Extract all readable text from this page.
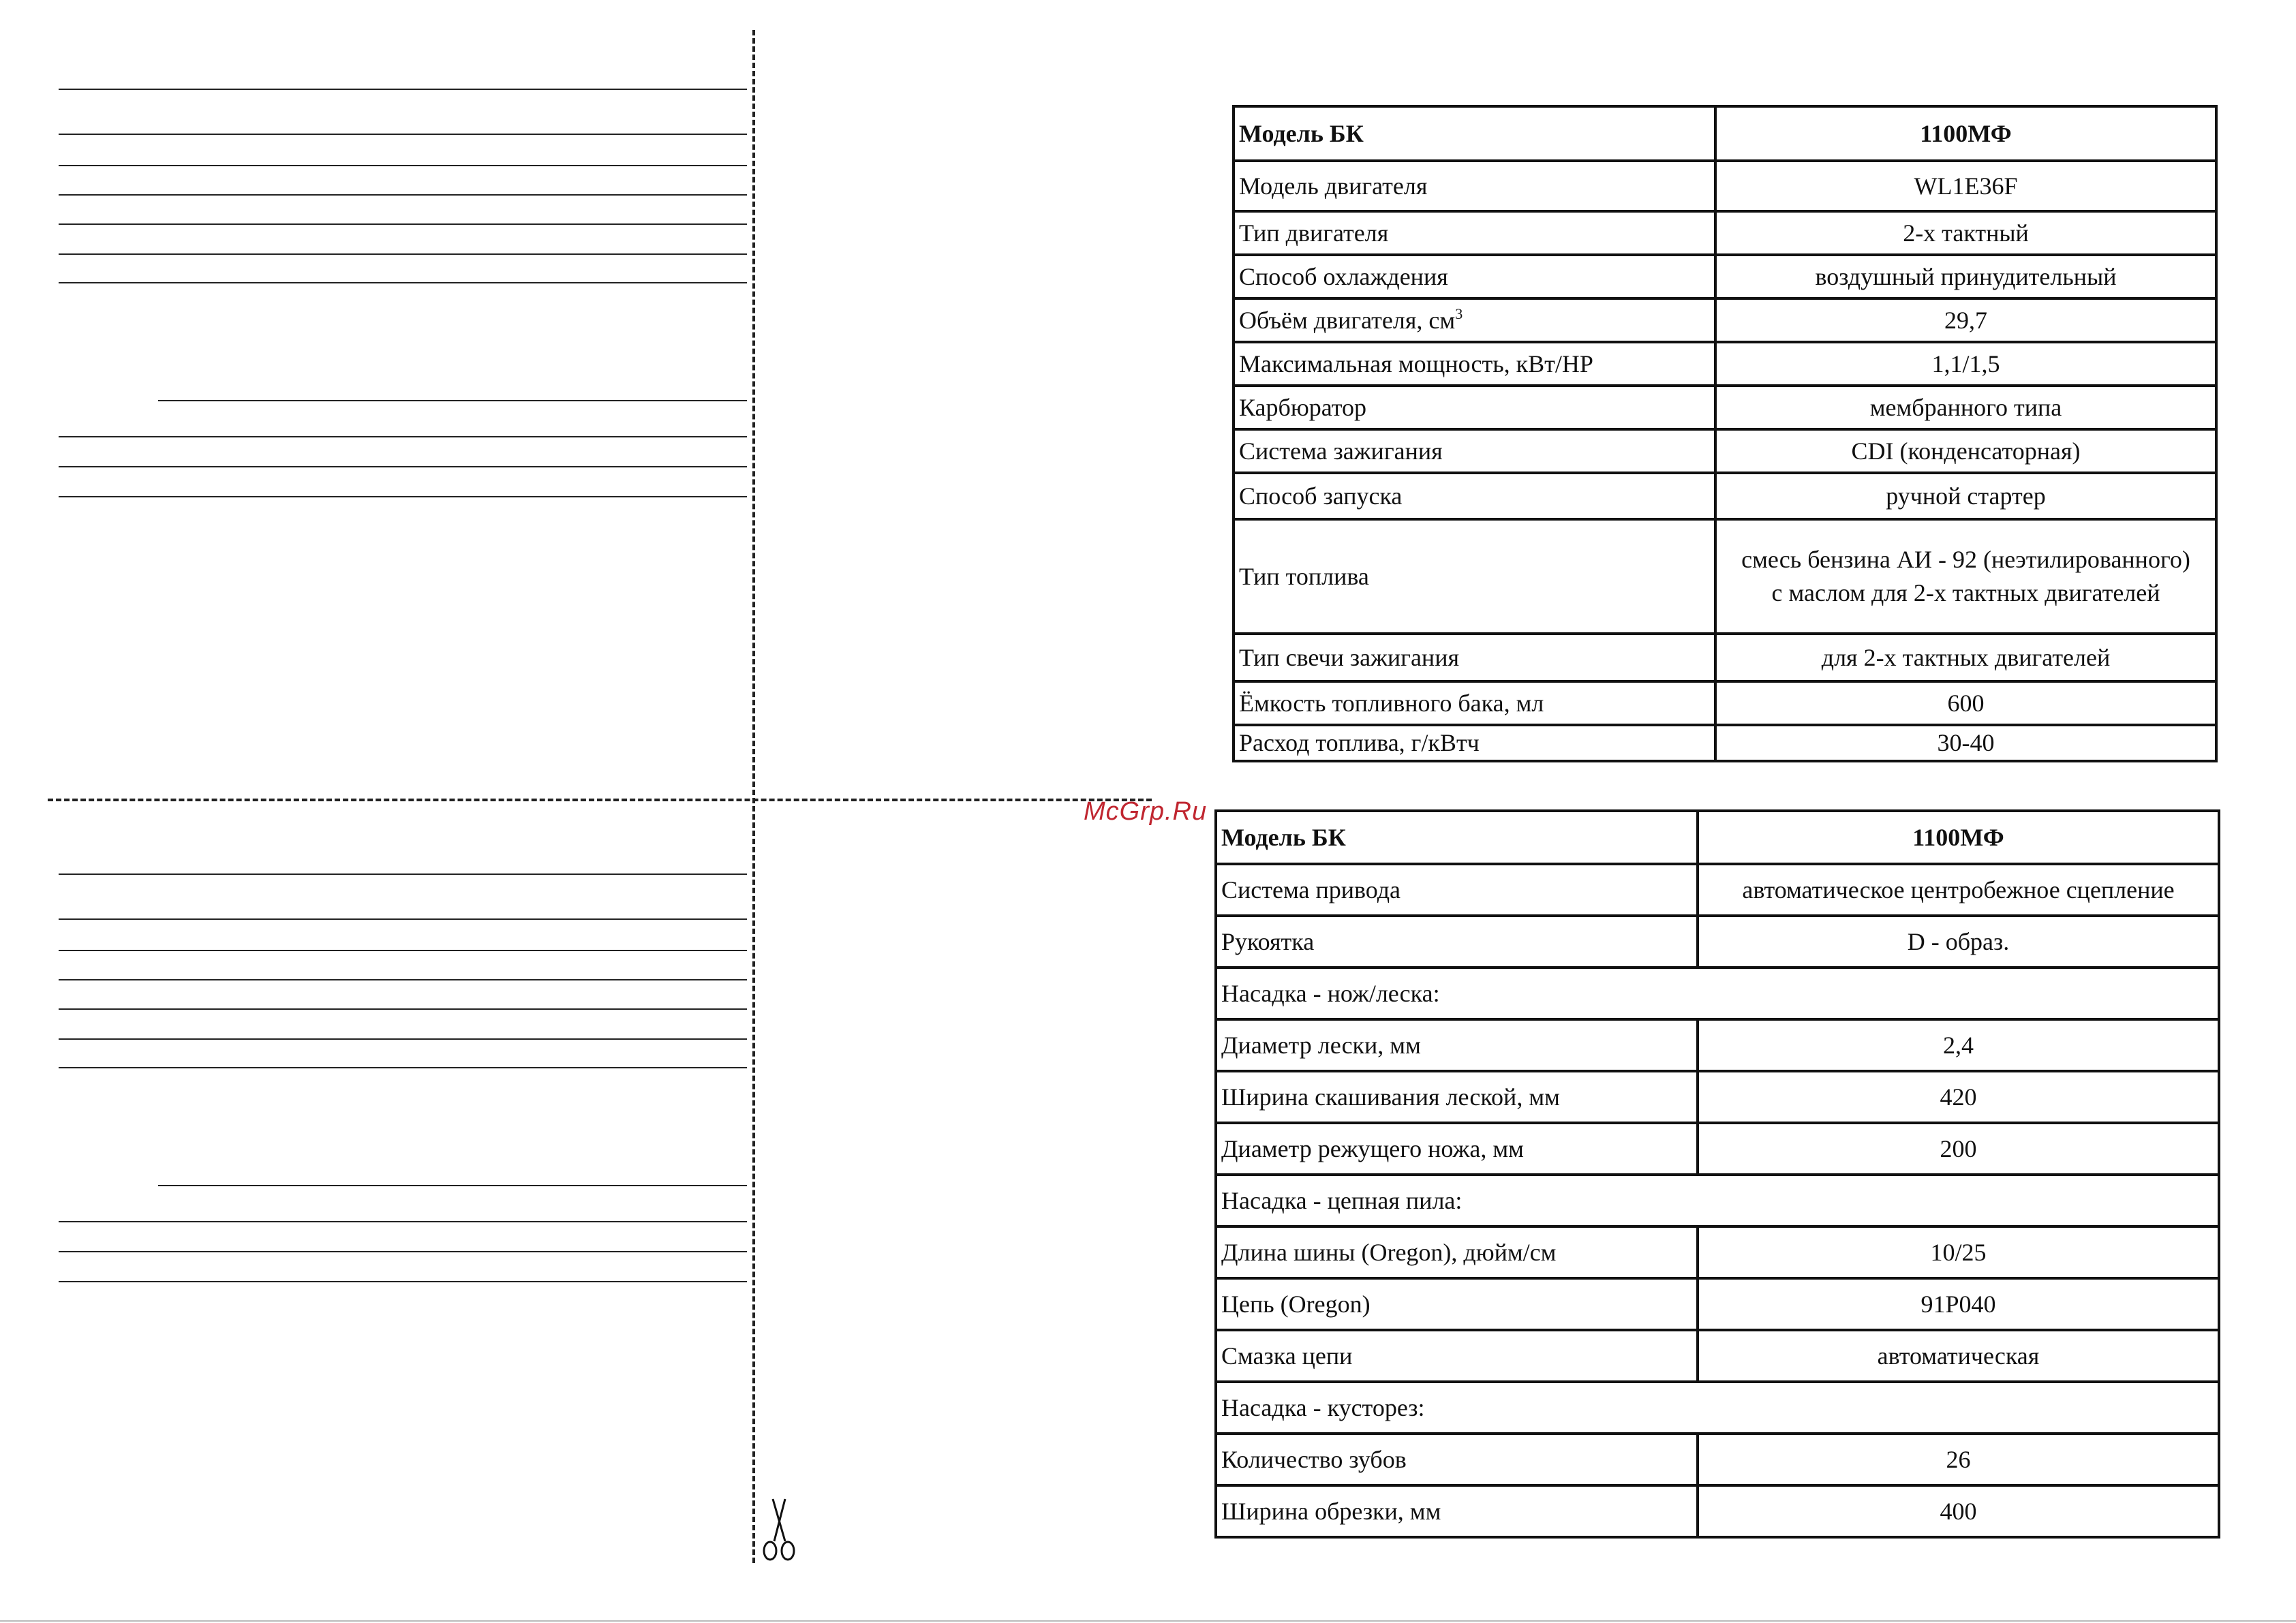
McGrp.Ru
Модель БК	1100МФ
Модель двигателя	WL1E36F
Тип двигателя	2-х тактный
Способ охлаждения	воздушный принудительный
Объём двигателя, $см^3$	29,7
Максимальная мощность, кВт/HP	1,1/1,5
Карбюратор	мембранного типа
Система зажигания	CDI (конденсаторная)
Способ запуска	ручной стартер
Тип топлива	смесь бензина АИ - 92 (неэтилированного)
с маслом для 2-х тактных двигателей

Тип свечи зажигания	для 2-х тактных двигателей
Ёмкость топливного бака, мл	600
Расход топлива, г/кВтч	30-40
Модель БК	1100МФ
Система привода	автоматическое центробежное сцепление
Рукоятка	D - образ.
Насадка - нож/леска:	
Диаметр лески, мм	2,4
Ширина скашивания леской, мм	420
Диаметр режущего ножа, мм	200
Насадка - цепная пила:	
Длина шины (Oregon), дюйм/см	10/25
Цепь (Oregon)	91P040
Смазка цепи	автоматическая
Насадка - кусторез:	
Количество зубов	26
Ширина обрезки, мм	400
